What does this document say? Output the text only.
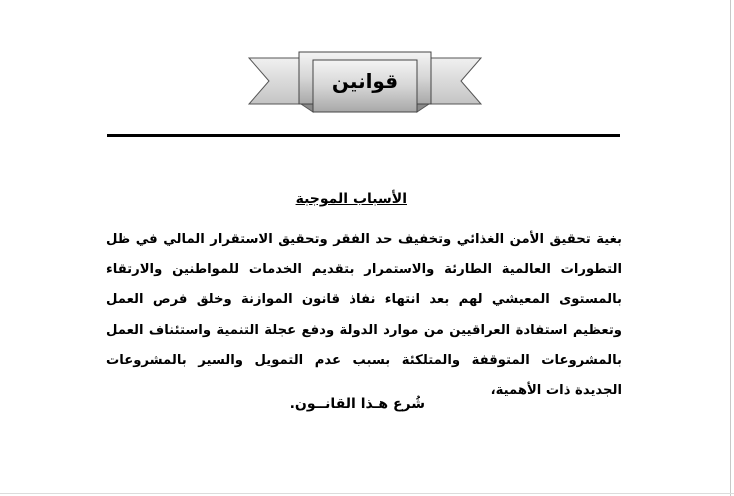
قوانين
الأسباب الموجبة
بغية تحقيق الأمن الغذائي وتخفيف حد الفقر وتحقيق الاستقرار المالي في ظل التطورات العالمية الطارئة والاستمرار بتقديم الخدمات للمواطنين والارتقاء بالمستوى المعيشي لهم بعد انتهاء نفاذ قانون الموازنة وخلق فرص العمل وتعظيم استفادة العراقيين من موارد الدولة ودفع عجلة التنمية واستئناف العمل بالمشروعات المتوقفة والمتلكئة بسبب عدم التمويل والسير بالمشروعات الجديدة ذات الأهمية،
شُرع هـذا القانــون.
